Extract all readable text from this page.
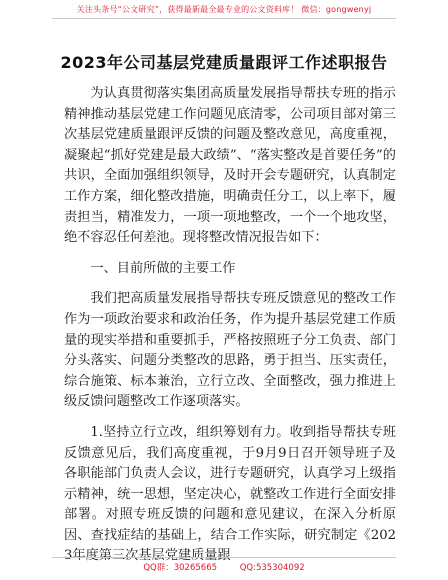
关注头条号“公文研究”，获得最新最全最专业的公文资料库！ 微信：gongwenyj
2023年公司基层党建质量跟评工作述职报告

为认真贯彻落实集团高质量发展指导帮扶专班的指示精神推动基层党建工作问题见底清零，公司项目部对第三次基层党建质量跟评反馈的问题及整改意见，高度重视，凝聚起“抓好党建是最大政绩”、“落实整改是首要任务”的共识，全面加强组织领导，及时开会专题研究，认真制定工作方案，细化整改措施，明确责任分工，以上率下，履责担当，精准发力，一项一项地整改，一个一个地攻坚，绝不容忍任何差池。现将整改情况报告如下：

一、目前所做的主要工作

我们把高质量发展指导帮扶专班反馈意见的整改工作作为一项政治要求和政治任务，作为提升基层党建工作质量的现实举措和重要抓手，严格按照班子分工负责、部门分头落实、问题分类整改的思路，勇于担当、压实责任，综合施策、标本兼治，立行立改、全面整改，强力推进上级反馈问题整改工作逐项落实。

1.坚持立行立改，组织筹划有力。收到指导帮扶专班反馈意见后，我们高度重视，于9月9日召开领导班子及各职能部门负责人会议，进行专题研究，认真学习上级指示精神，统一思想，坚定决心，就整改工作进行全面安排部署。对照专班反馈的问题和意见建议，在深入分析原因、查找症结的基础上，结合工作实际，研究制定《2023年度第三次基层党建质量跟

QQ群：30265665	QQ:535304092
